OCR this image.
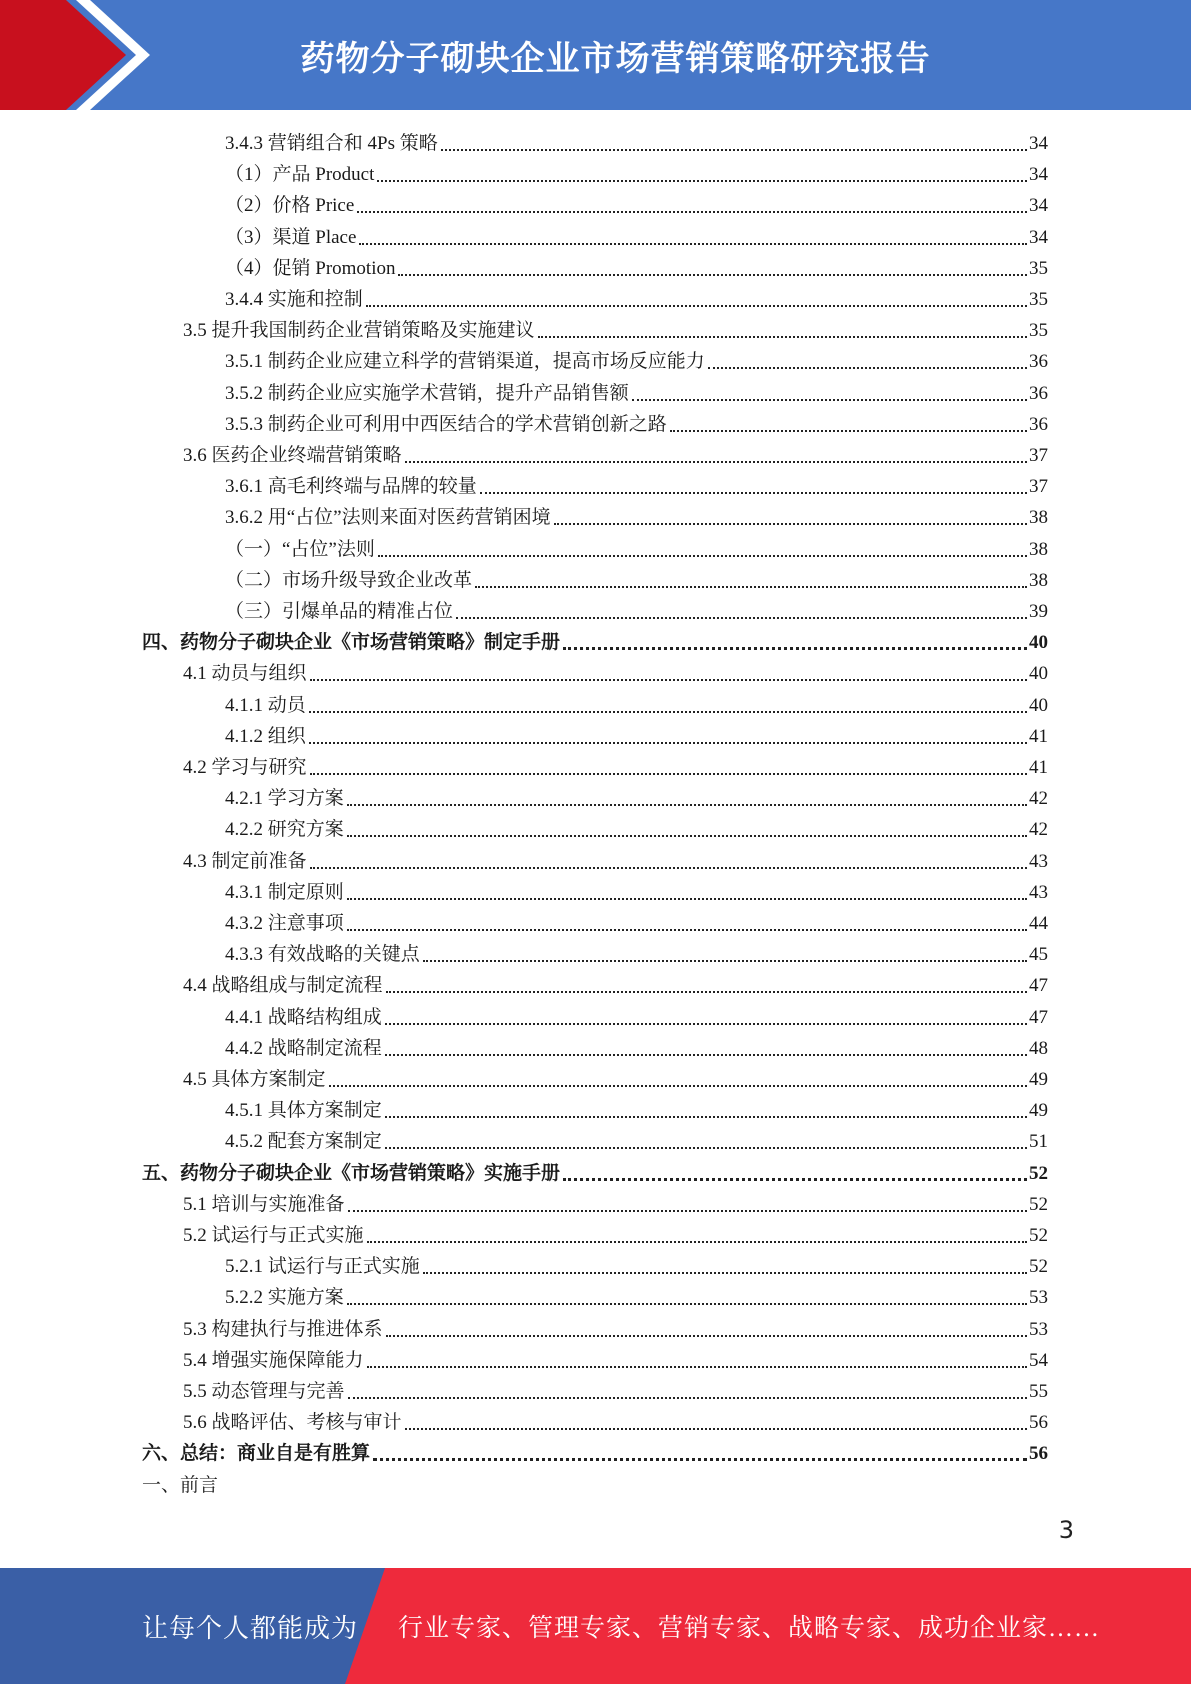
药物分子砌块企业市场营销策略研究报告
3.4.3 营销组合和 4Ps 策略	34
（1）产品 Product	34
（2）价格 Price	34
（3）渠道 Place	34
（4）促销 Promotion	35
3.4.4 实施和控制	35
3.5 提升我国制药企业营销策略及实施建议	35
3.5.1 制药企业应建立科学的营销渠道，提高市场反应能力	36
3.5.2 制药企业应实施学术营销，提升产品销售额	36
3.5.3 制药企业可利用中西医结合的学术营销创新之路	36
3.6 医药企业终端营销策略	37
3.6.1 高毛利终端与品牌的较量	37
3.6.2 用“占位”法则来面对医药营销困境	38
（一）“占位”法则	38
（二）市场升级导致企业改革	38
（三）引爆单品的精准占位	39
四、药物分子砌块企业《市场营销策略》制定手册	40
4.1 动员与组织	40
4.1.1 动员	40
4.1.2 组织	41
4.2 学习与研究	41
4.2.1 学习方案	42
4.2.2 研究方案	42
4.3 制定前准备	43
4.3.1 制定原则	43
4.3.2 注意事项	44
4.3.3 有效战略的关键点	45
4.4 战略组成与制定流程	47
4.4.1 战略结构组成	47
4.4.2 战略制定流程	48
4.5 具体方案制定	49
4.5.1 具体方案制定	49
4.5.2 配套方案制定	51
五、药物分子砌块企业《市场营销策略》实施手册	52
5.1 培训与实施准备	52
5.2 试运行与正式实施	52
5.2.1 试运行与正式实施	52
5.2.2 实施方案	53
5.3 构建执行与推进体系	53
5.4 增强实施保障能力	54
5.5 动态管理与完善	55
5.6 战略评估、考核与审计	56
六、总结：商业自是有胜算	56
一、前言
3
让每个人都能成为 行业专家、管理专家、营销专家、战略专家、成功企业家……
